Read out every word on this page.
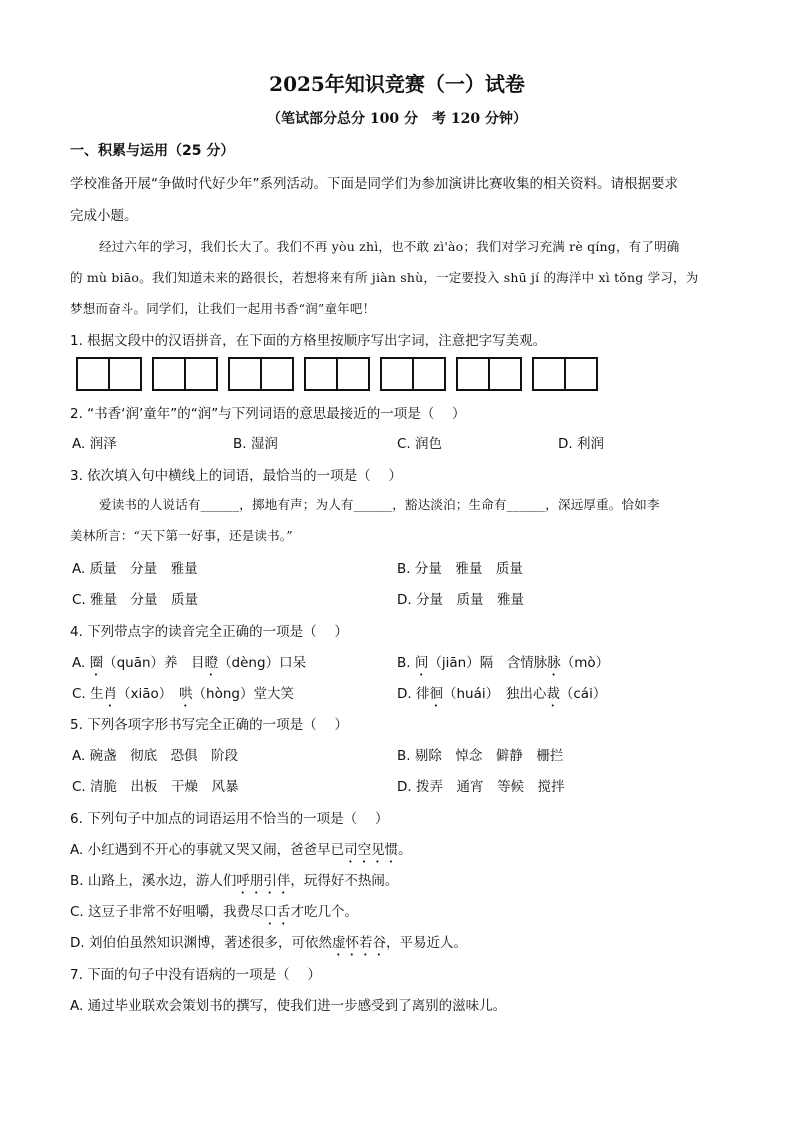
2025年知识竞赛（一）试卷
（笔试部分总分 100 分　考 120 分钟）
一、积累与运用（25 分）
学校准备开展“争做时代好少年”系列活动。下面是同学们为参加演讲比赛收集的相关资料。请根据要求
完成小题。
经过六年的学习，我们长大了。我们不再 yòu zhì，也不敢 zì'ào；我们对学习充满 rè qíng，有了明确
的 mù biāo。我们知道未来的路很长，若想将来有所 jiàn shù，一定要投入 shū jí 的海洋中 xì tǒng 学习，为
梦想而奋斗。同学们，让我们一起用书香“润”童年吧！
1. 根据文段中的汉语拼音，在下面的方格里按顺序写出字词，注意把字写美观。
2. “书香‘润’童年”的“润”与下列词语的意思最接近的一项是（　 ）
A. 润泽	B. 湿润	C. 润色	D. 利润
3. 依次填入句中横线上的词语，最恰当的一项是（　 ）
爱读书的人说话有______，掷地有声；为人有______，豁达淡泊；生命有______，深远厚重。恰如李
美林所言：“天下第一好事，还是读书。”
A. 质量　分量　雅量	B. 分量　雅量　质量
C. 雅量　分量　质量	D. 分量　质量　雅量
4. 下列带点字的读音完全正确的一项是（　 ）
A. 圈（quān）养　目瞪（dèng）口呆	B. 间（jiān）隔　含情脉脉（mò）
C. 生肖（xiāo）　哄（hòng）堂大笑	D. 徘徊（huái）　独出心裁（cái）
5. 下列各项字形书写完全正确的一项是（　 ）
A. 碗盏　彻底　恐俱　阶段	B. 剔除　悼念　僻静　栅拦
C. 清脆　出板　干燥　风暴	D. 拨弄　通宵　等候　搅拌
6. 下列句子中加点的词语运用不恰当的一项是（　 ）
A. 小红遇到不开心的事就又哭又闹，爸爸早已司空见惯。
B. 山路上，溪水边，游人们呼朋引伴，玩得好不热闹。
C. 这豆子非常不好咀嚼，我费尽口舌才吃几个。
D. 刘伯伯虽然知识渊博，著述很多，可依然虚怀若谷，平易近人。
7. 下面的句子中没有语病的一项是（　 ）
A. 通过毕业联欢会策划书的撰写，使我们进一步感受到了离别的滋味儿。
